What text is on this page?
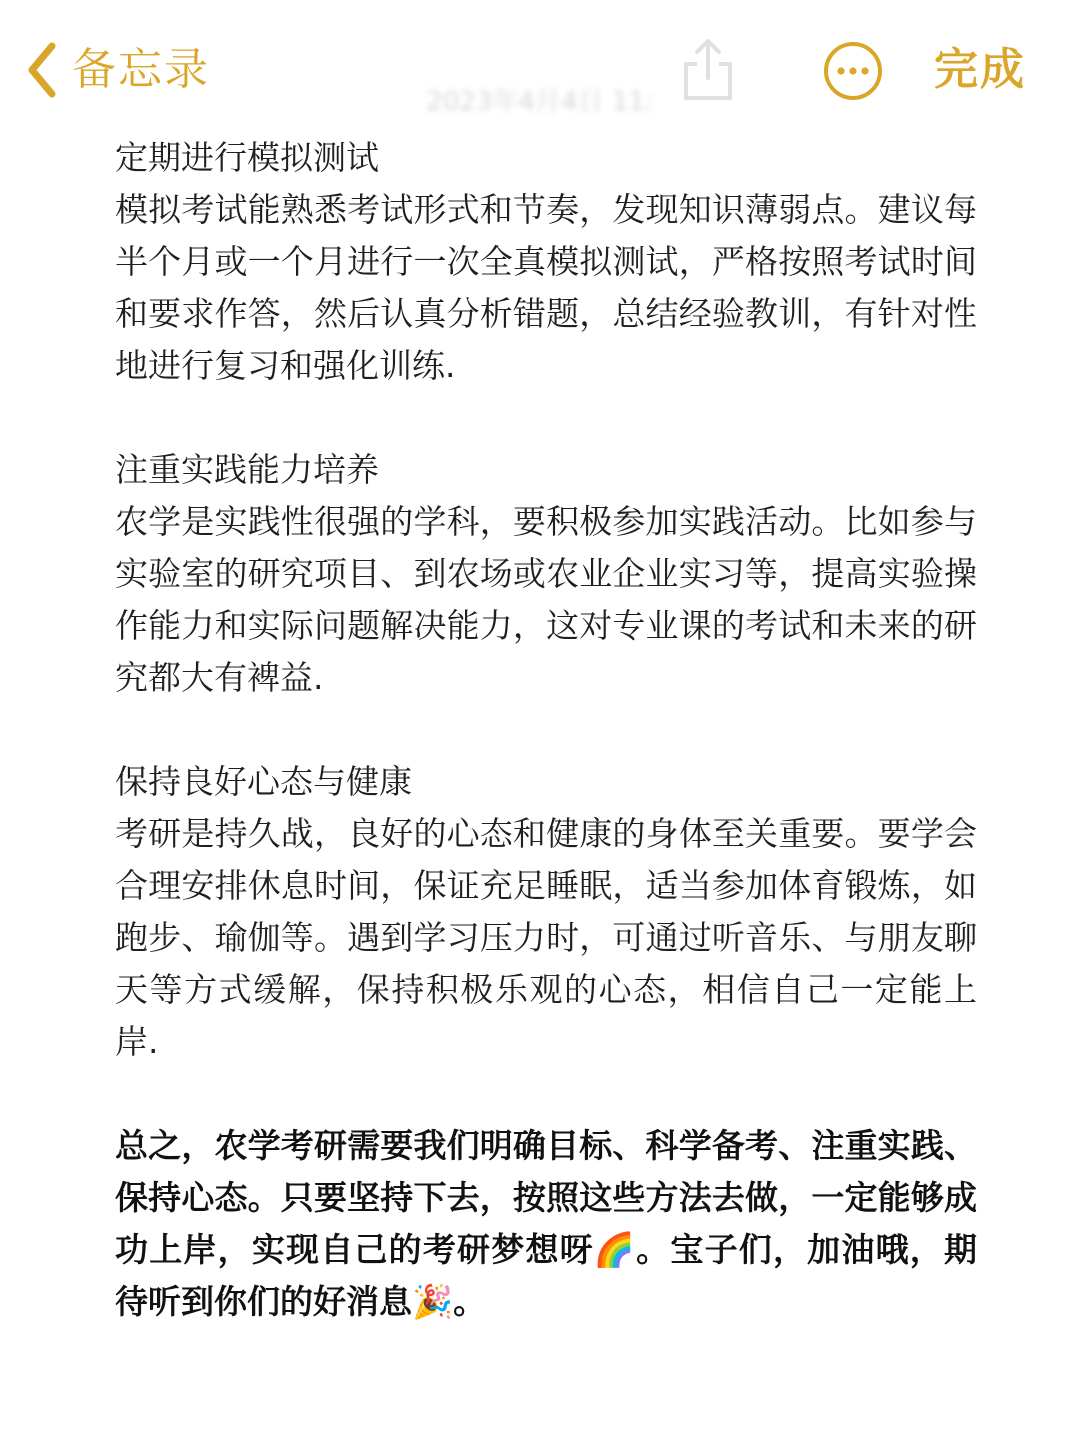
备忘录	完成
2023年4月4日 11:
定期进行模拟测试
模拟考试能熟悉考试形式和节奏，发现知识薄弱点。建议每半个月或一个月进行一次全真模拟测试，严格按照考试时间和要求作答，然后认真分析错题，总结经验教训，有针对性地进行复习和强化训练.
注重实践能力培养
农学是实践性很强的学科，要积极参加实践活动。比如参与实验室的研究项目、到农场或农业企业实习等，提高实验操作能力和实际问题解决能力，这对专业课的考试和未来的研究都大有裨益.
保持良好心态与健康
考研是持久战，良好的心态和健康的身体至关重要。要学会合理安排休息时间，保证充足睡眠，适当参加体育锻炼，如跑步、瑜伽等。遇到学习压力时，可通过听音乐、与朋友聊天等方式缓解，保持积极乐观的心态，相信自己一定能上岸.
总之，农学考研需要我们明确目标、科学备考、注重实践、保持心态。只要坚持下去，按照这些方法去做，一定能够成功上岸，实现自己的考研梦想呀🌈。宝子们，加油哦，期待听到你们的好消息🎉。
